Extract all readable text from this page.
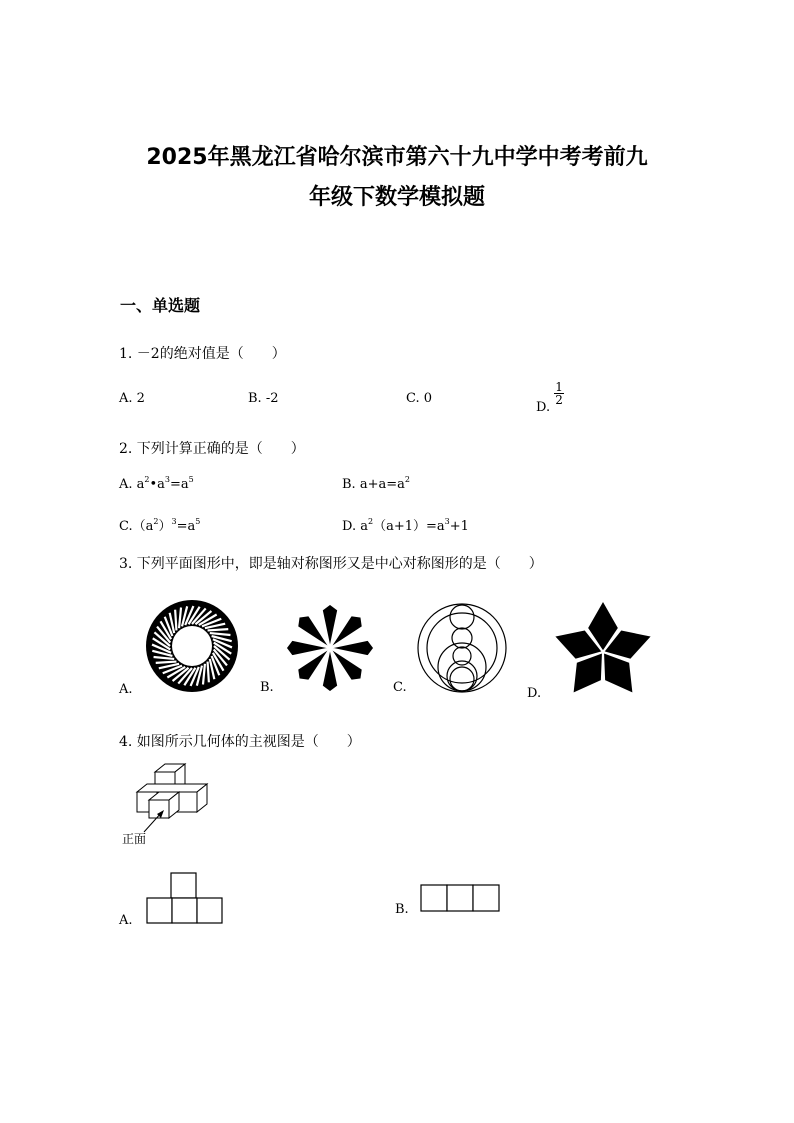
2025年黑龙江省哈尔滨市第六十九中学中考考前九
年级下数学模拟题
一、单选题
1. －2的绝对值是（　　）
A. 2	B. -2	C. 0
D.
$\frac{1}{2}$
2. 下列计算正确的是（　　）
A. $a^2•a^3=a^5$	B. $a+a=a^2$
$C.(a^2)^3=a^5$	D. $a^2(a+1)=a^3+1$
3. 下列平面图形中，即是轴对称图形又是中心对称图形的是（　　）
A.	B.	C.	D.
4. 如图所示几何体的主视图是（　　）
正面
A.
B.
